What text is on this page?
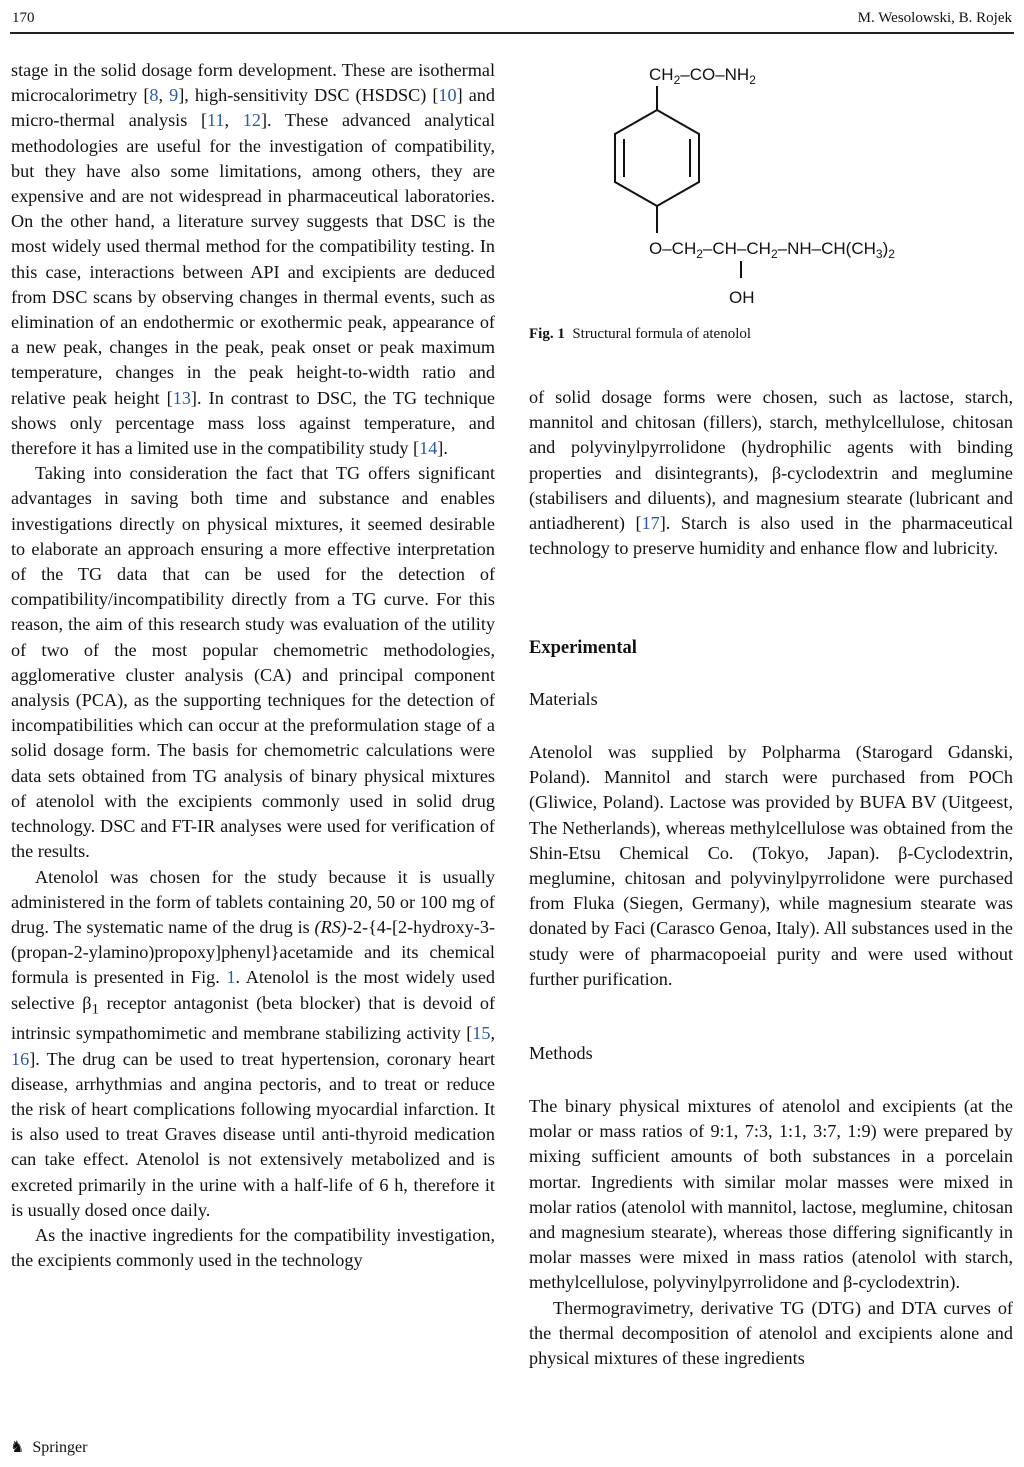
170	M. Wesolowski, B. Rojek

stage in the solid dosage form development. These are isothermal microcalorimetry [8, 9], high-sensitivity DSC (HSDSC) [10] and micro-thermal analysis [11, 12]. These advanced analytical methodologies are useful for the investigation of compatibility, but they have also some limitations, among others, they are expensive and are not widespread in pharmaceutical laboratories. On the other hand, a literature survey suggests that DSC is the most widely used thermal method for the compatibility testing. In this case, interactions between API and excipients are deduced from DSC scans by observing changes in thermal events, such as elimination of an endothermic or exothermic peak, appearance of a new peak, changes in the peak, peak onset or peak maximum temperature, changes in the peak height-to-width ratio and relative peak height [13]. In contrast to DSC, the TG technique shows only percentage mass loss against temperature, and therefore it has a limited use in the compatibility study [14].

Taking into consideration the fact that TG offers significant advantages in saving both time and substance and enables investigations directly on physical mixtures, it seemed desirable to elaborate an approach ensuring a more effective interpretation of the TG data that can be used for the detection of compatibility/incompatibility directly from a TG curve. For this reason, the aim of this research study was evaluation of the utility of two of the most popular chemometric methodologies, agglomerative cluster analysis (CA) and principal component analysis (PCA), as the supporting techniques for the detection of incompatibilities which can occur at the preformulation stage of a solid dosage form. The basis for chemometric calculations were data sets obtained from TG analysis of binary physical mixtures of atenolol with the excipients commonly used in solid drug technology. DSC and FT-IR analyses were used for verification of the results.

Atenolol was chosen for the study because it is usually administered in the form of tablets containing 20, 50 or 100 mg of drug. The systematic name of the drug is (RS)-2-{4-[2-hydroxy-3-(propan-2-ylamino)propoxy]phenyl}acetamide and its chemical formula is presented in Fig. 1. Atenolol is the most widely used selective $\beta_1$ receptor antagonist (beta blocker) that is devoid of intrinsic sympathomimetic and membrane stabilizing activity [15, 16]. The drug can be used to treat hypertension, coronary heart disease, arrhythmias and angina pectoris, and to treat or reduce the risk of heart complications following myocardial infarction. It is also used to treat Graves disease until anti-thyroid medication can take effect. Atenolol is not extensively metabolized and is excreted primarily in the urine with a half-life of 6 h, therefore it is usually dosed once daily.

As the inactive ingredients for the compatibility investigation, the excipients commonly used in the technology

$CH_2-CO-NH_2$
$O-CH_2-CH-CH_2-NH-CH(CH_3)_2$
OH
Fig. 1 Structural formula of atenolol

of solid dosage forms were chosen, such as lactose, starch, mannitol and chitosan (fillers), starch, methylcellulose, chitosan and polyvinylpyrrolidone (hydrophilic agents with binding properties and disintegrants), β-cyclodextrin and meglumine (stabilisers and diluents), and magnesium stearate (lubricant and antiadherent) [17]. Starch is also used in the pharmaceutical technology to preserve humidity and enhance flow and lubricity.

Experimental
Materials

Atenolol was supplied by Polpharma (Starogard Gdanski, Poland). Mannitol and starch were purchased from POCh (Gliwice, Poland). Lactose was provided by BUFA BV (Uitgeest, The Netherlands), whereas methylcellulose was obtained from the Shin-Etsu Chemical Co. (Tokyo, Japan). β-Cyclodextrin, meglumine, chitosan and polyvinylpyrrolidone were purchased from Fluka (Siegen, Germany), while magnesium stearate was donated by Faci (Carasco Genoa, Italy). All substances used in the study were of pharmacopoeial purity and were used without further purification.

Methods

The binary physical mixtures of atenolol and excipients (at the molar or mass ratios of 9:1, 7:3, 1:1, 3:7, 1:9) were prepared by mixing sufficient amounts of both substances in a porcelain mortar. Ingredients with similar molar masses were mixed in molar ratios (atenolol with mannitol, lactose, meglumine, chitosan and magnesium stearate), whereas those differing significantly in molar masses were mixed in mass ratios (atenolol with starch, methylcellulose, polyvinylpyrrolidone and β-cyclodextrin).

Thermogravimetry, derivative TG (DTG) and DTA curves of the thermal decomposition of atenolol and excipients alone and physical mixtures of these ingredients

♞ Springer
